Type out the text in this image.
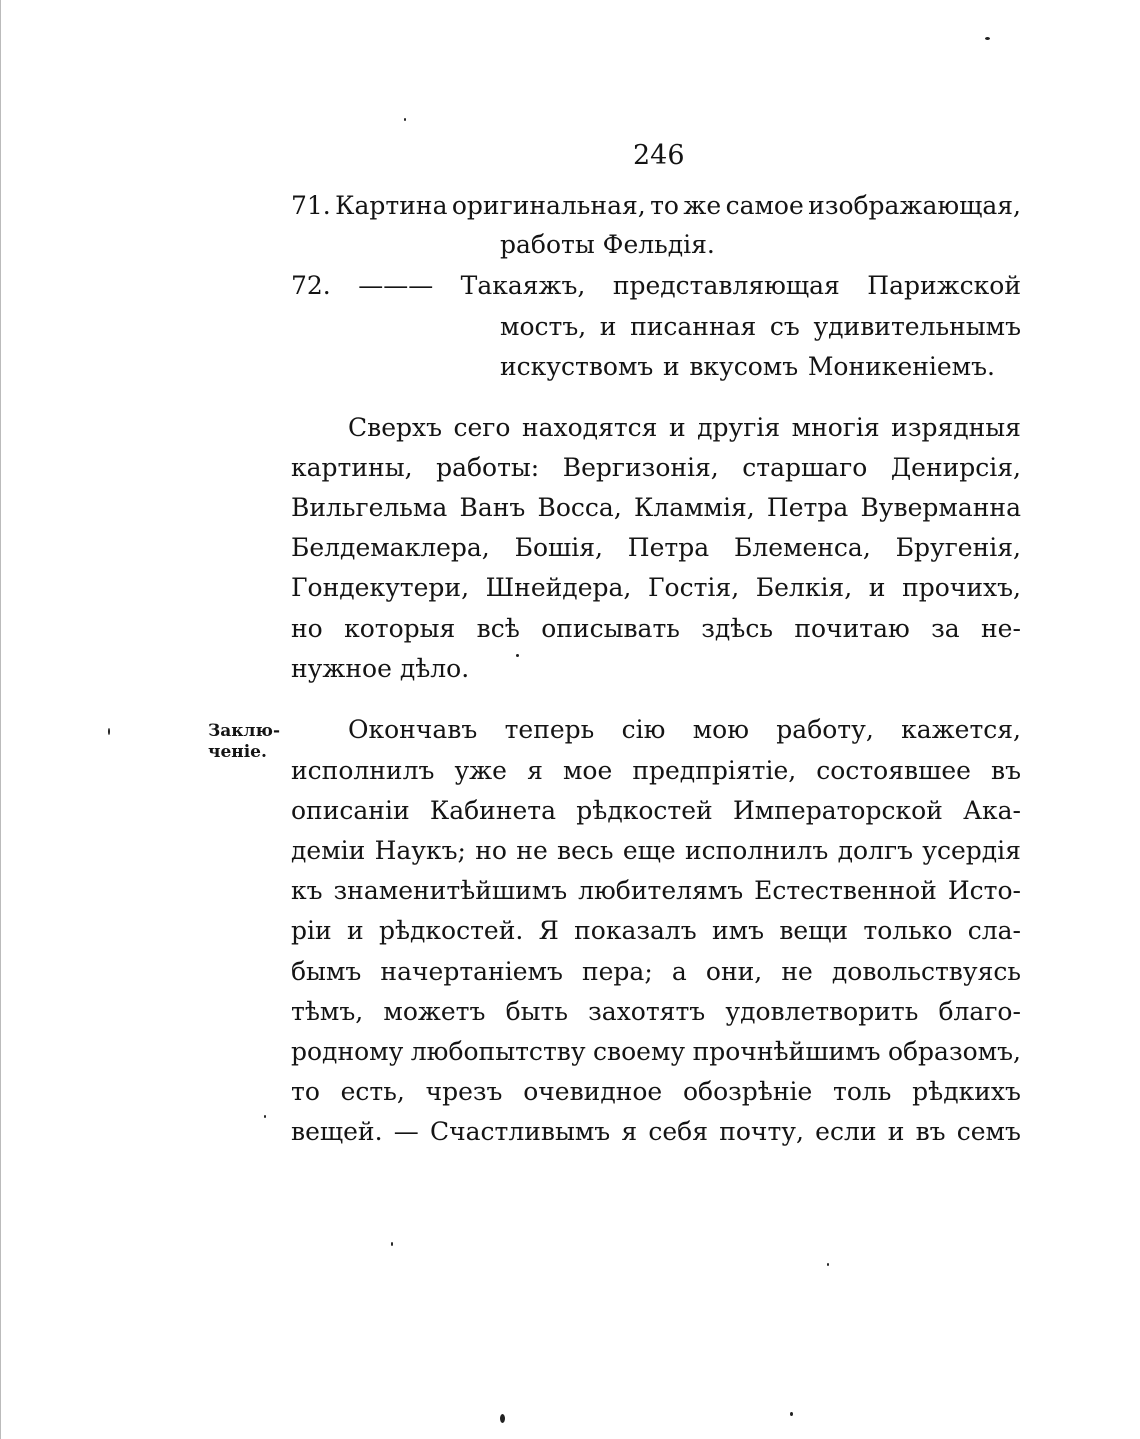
246
71. Картина оригинальная, то же самое изображающая,
работы Фельдія.
72. ——— Такаяжъ, представляющая Парижской
мостъ, и писанная съ удивительнымъ
искуствомъ и вкусомъ Моникеніемъ.
Сверхъ сего находятся и другія многія изрядныя
картины, работы: Вергизонія, старшаго Денирсія,
Вильгельма Ванъ Восса, Кламмія, Петра Вуверманна
Белдемаклера, Бошія, Петра Блеменса, Бругенія,
Гондекутери, Шнейдера, Гостія, Белкія, и прочихъ,
но которыя всѣ описывать здѣсь почитаю за не-
нужное дѣло.
Заклю-
ченіе.
Окончавъ теперь сію мою работу, кажется,
исполнилъ уже я мое предпріятіе, состоявшее въ
описаніи Кабинета рѣдкостей Императорской Ака-
деміи Наукъ; но не весь еще исполнилъ долгъ усердія
къ знаменитѣйшимъ любителямъ Естественной Исто-
ріи и рѣдкостей. Я показалъ имъ вещи только сла-
бымъ начертаніемъ пера; а они, не довольствуясь
тѣмъ, можетъ быть захотятъ удовлетворить благо-
родному любопытству своему прочнѣйшимъ образомъ,
то есть, чрезъ очевидное обозрѣніе толь рѣдкихъ
вещей. — Счастливымъ я себя почту, если и въ семъ
